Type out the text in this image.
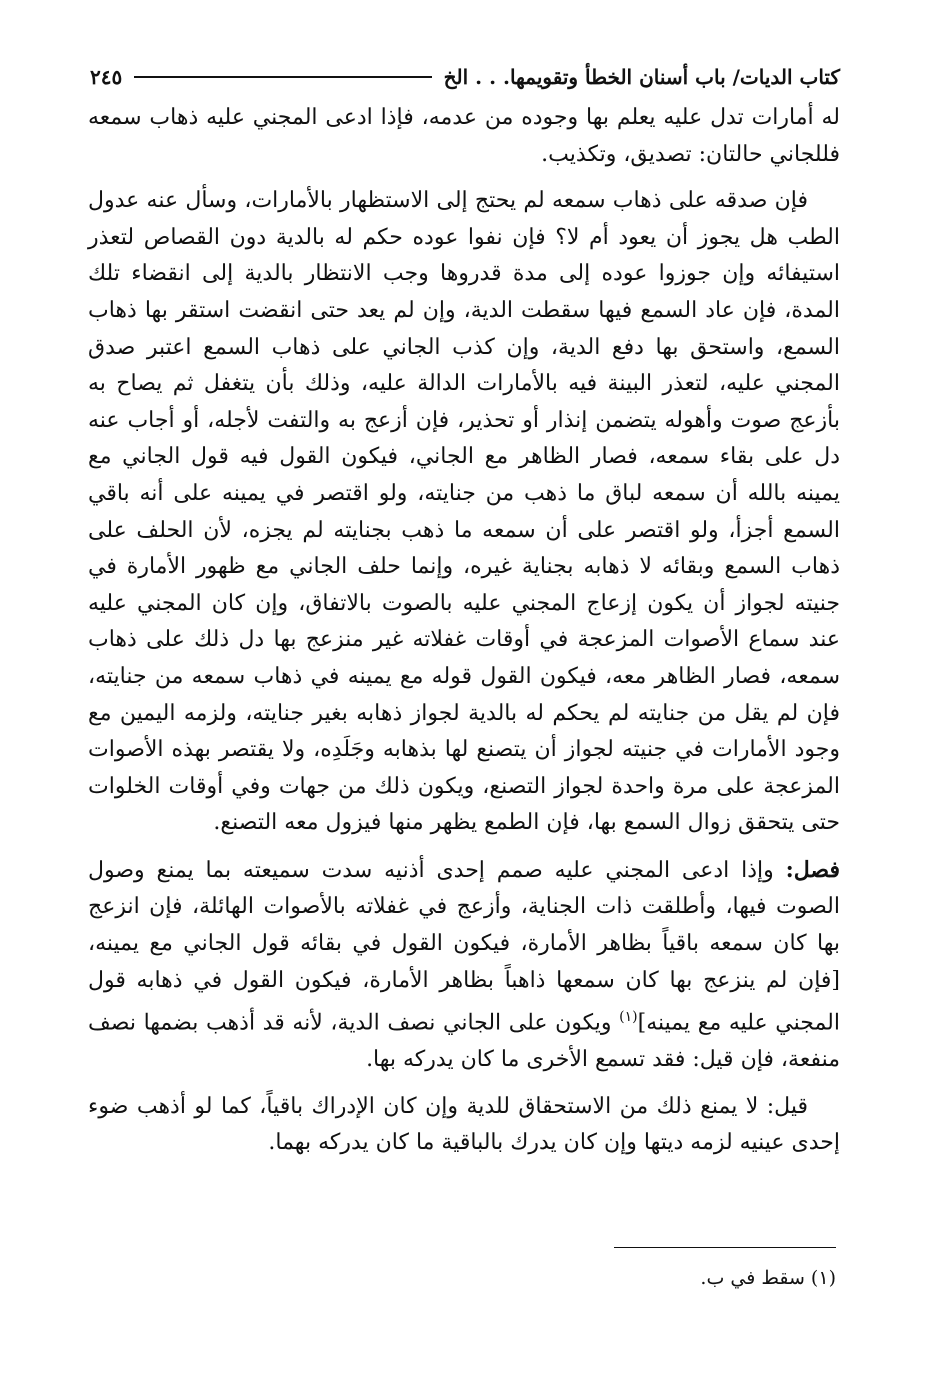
كتاب الديات/ باب أسنان الخطأ وتقويمها. . . الخ
٢٤٥

له أمارات تدل عليه يعلم بها وجوده من عدمه، فإذا ادعى المجني عليه ذهاب سمعه فللجاني حالتان: تصديق، وتكذيب.

فإن صدقه على ذهاب سمعه لم يحتج إلى الاستظهار بالأمارات، وسأل عنه عدول الطب هل يجوز أن يعود أم لا؟ فإن نفوا عوده حكم له بالدية دون القصاص لتعذر استيفائه وإن جوزوا عوده إلى مدة قدروها وجب الانتظار بالدية إلى انقضاء تلك المدة، فإن عاد السمع فيها سقطت الدية، وإن لم يعد حتى انقضت استقر بها ذهاب السمع، واستحق بها دفع الدية، وإن كذب الجاني على ذهاب السمع اعتبر صدق المجني عليه، لتعذر البينة فيه بالأمارات الدالة عليه، وذلك بأن يتغفل ثم يصاح به بأزعج صوت وأهوله يتضمن إنذار أو تحذير، فإن أزعج به والتفت لأجله، أو أجاب عنه دل على بقاء سمعه، فصار الظاهر مع الجاني، فيكون القول فيه قول الجاني مع يمينه بالله أن سمعه لباق ما ذهب من جنايته، ولو اقتصر في يمينه على أنه باقي السمع أجزأ، ولو اقتصر على أن سمعه ما ذهب بجنايته لم يجزه، لأن الحلف على ذهاب السمع وبقائه لا ذهابه بجناية غيره، وإنما حلف الجاني مع ظهور الأمارة في جنيته لجواز أن يكون إزعاج المجني عليه بالصوت بالاتفاق، وإن كان المجني عليه عند سماع الأصوات المزعجة في أوقات غفلاته غير منزعج بها دل ذلك على ذهاب سمعه، فصار الظاهر معه، فيكون القول قوله مع يمينه في ذهاب سمعه من جنايته، فإن لم يقل من جنايته لم يحكم له بالدية لجواز ذهابه بغير جنايته، ولزمه اليمين مع وجود الأمارات في جنيته لجواز أن يتصنع لها بذهابه وجَلَدِه، ولا يقتصر بهذه الأصوات المزعجة على مرة واحدة لجواز التصنع، ويكون ذلك من جهات وفي أوقات الخلوات حتى يتحقق زوال السمع بها، فإن الطمع يظهر منها فيزول معه التصنع.

فصل: وإذا ادعى المجني عليه صمم إحدى أذنيه سدت سميعته بما يمنع وصول الصوت فيها، وأطلقت ذات الجناية، وأزعج في غفلاته بالأصوات الهائلة، فإن انزعج بها كان سمعه باقياً بظاهر الأمارة، فيكون القول في بقائه قول الجاني مع يمينه، [فإن لم ينزعج بها كان سمعها ذاهباً بظاهر الأمارة، فيكون القول في ذهابه قول المجني عليه مع يمينه]$^{(١)}$ ويكون على الجاني نصف الدية، لأنه قد أذهب بضمها نصف منفعة، فإن قيل: فقد تسمع الأخرى ما كان يدركه بها.

قيل: لا يمنع ذلك من الاستحقاق للدية وإن كان الإدراك باقياً، كما لو أذهب ضوء إحدى عينيه لزمه ديتها وإن كان يدرك بالباقية ما كان يدركه بهما.

(١) سقط في ب.
